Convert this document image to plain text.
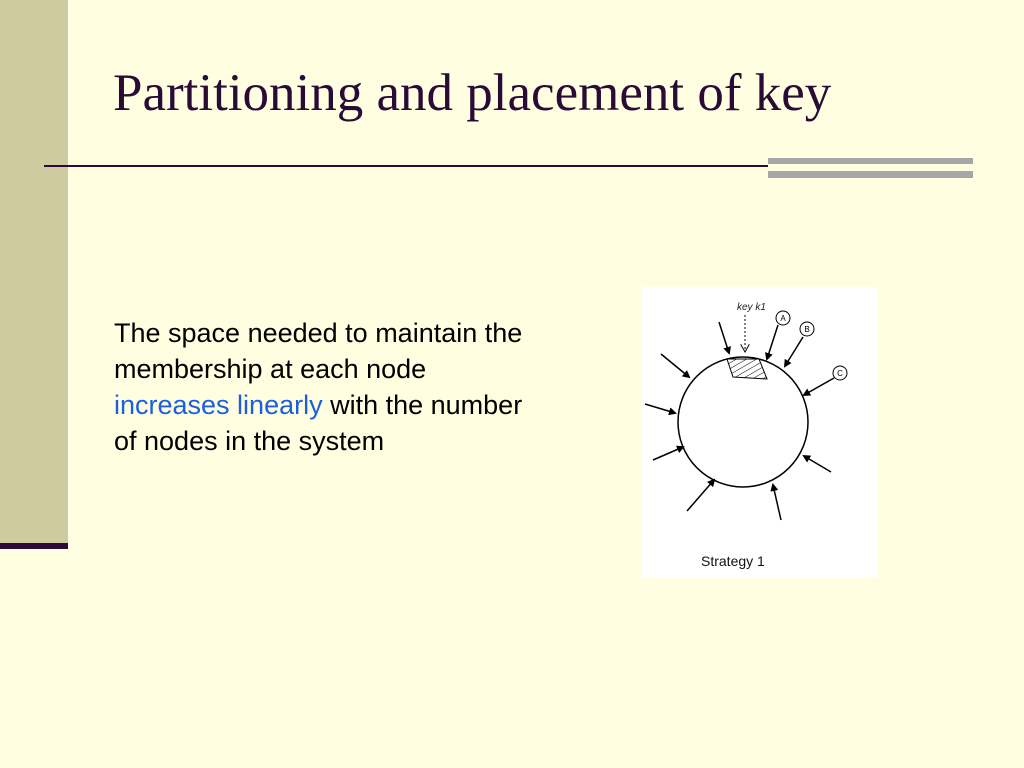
Partitioning and placement of key
The space needed to maintain the membership at each node increases linearly with the number of nodes in the system
key k1
A
B
C
Strategy 1
